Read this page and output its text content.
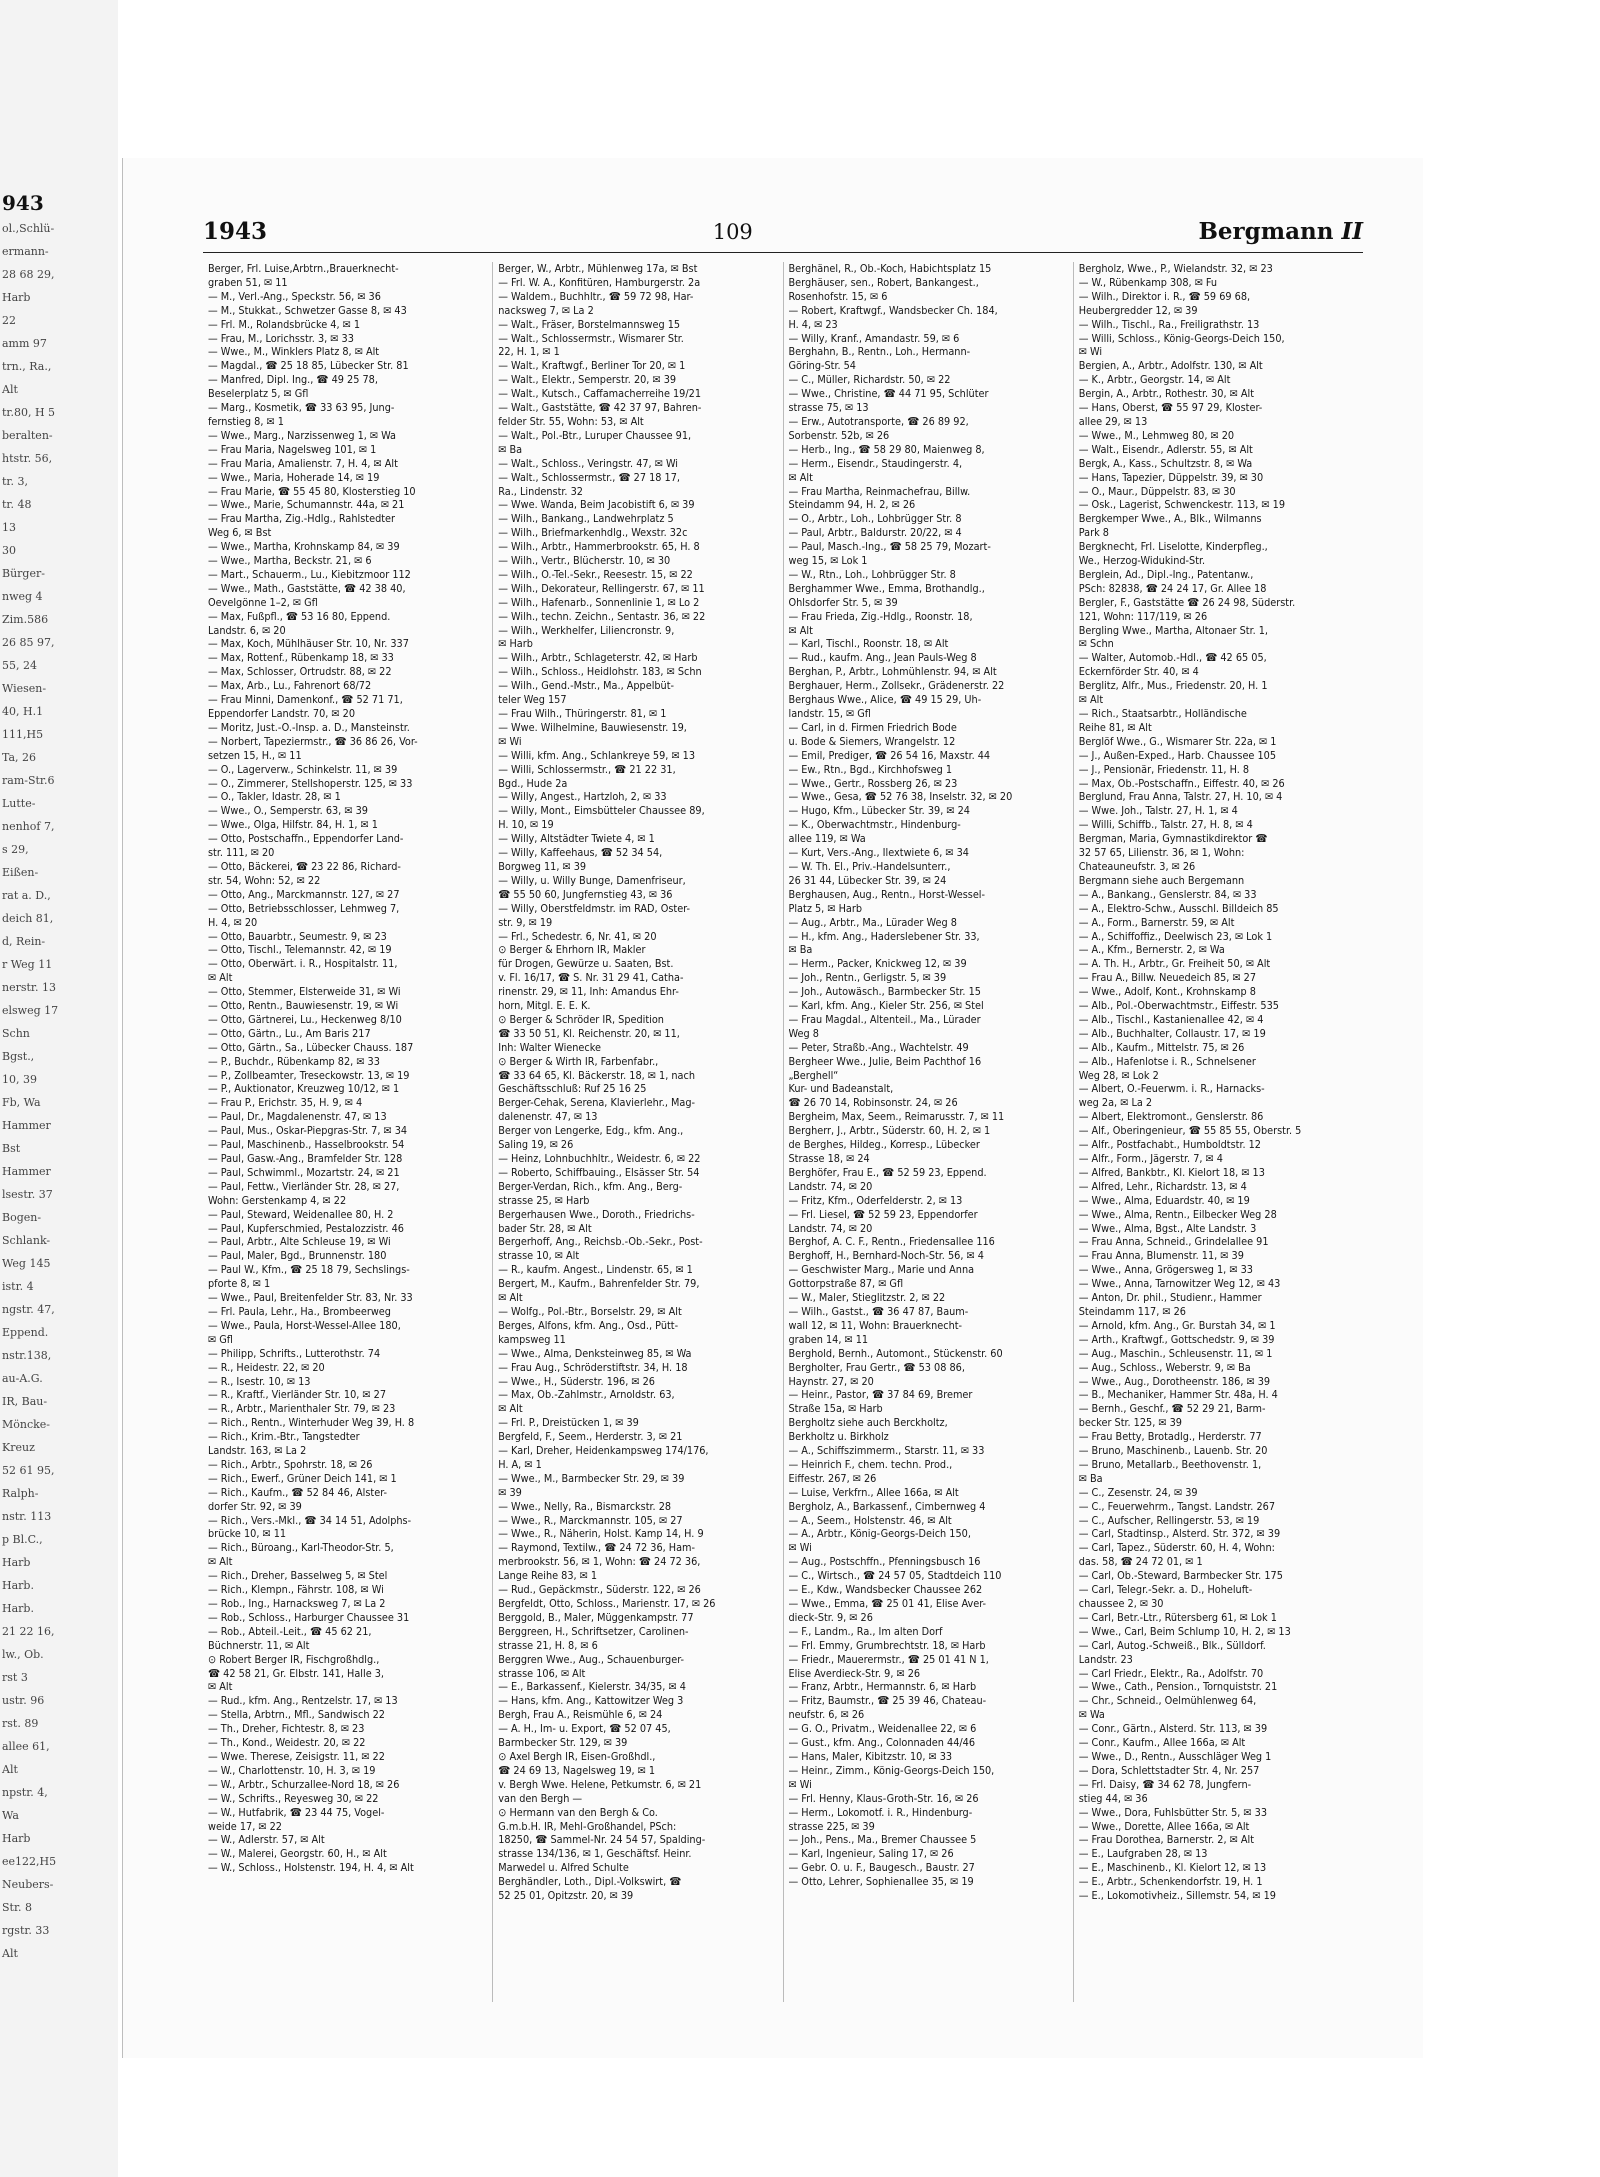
943
ol.,Schlü-
ermann-
28 68 29,
Harb
22
amm 97
trn., Ra.,
Alt
tr.80, H 5
beralten-
htstr. 56,
tr. 3,
tr. 48
13
30
Bürger-
nweg 4
Zim.586
26 85 97,
55, 24
Wiesen-
40, H.1
111,H5
Ta, 26
ram-Str.6
Lutte-
nenhof 7,
s 29,
Eißen-
rat a. D.,
deich 81,
d, Rein-
r Weg 11
nerstr. 13
elsweg 17
Schn
Bgst.,
10, 39
Fb, Wa
Hammer
Bst
Hammer
lsestr. 37
Bogen-
Schlank-
Weg 145
istr. 4
ngstr. 47,
Eppend.
nstr.138,
au-A.G.
IR, Bau-
Möncke-
Kreuz
52 61 95,
Ralph-
nstr. 113
p Bl.C.,
Harb
Harb.
Harb.
21 22 16,
lw., Ob.
rst 3
ustr. 96
rst. 89
allee 61,
Alt
npstr. 4,
Wa
Harb
ee122,H5
Neubers-
Str. 8
rgstr. 33
Alt
1943	109	Bergmann II
Berger, Frl. Luise,Arbtrn.,Brauerknecht-
graben 51, ✉ 11
— M., Verl.-Ang., Speckstr. 56, ✉ 36
— M., Stukkat., Schwetzer Gasse 8, ✉ 43
— Frl. M., Rolandsbrücke 4, ✉ 1
— Frau, M., Lorichsstr. 3, ✉ 33
— Wwe., M., Winklers Platz 8, ✉ Alt
— Magdal., ☎ 25 18 85, Lübecker Str. 81
— Manfred, Dipl. Ing., ☎ 49 25 78,
Beselerplatz 5, ✉ Gfl
— Marg., Kosmetik, ☎ 33 63 95, Jung-
fernstieg 8, ✉ 1
— Wwe., Marg., Narzissenweg 1, ✉ Wa
— Frau Maria, Nagelsweg 101, ✉ 1
— Frau Maria, Amalienstr. 7, H. 4, ✉ Alt
— Wwe., Maria, Hoherade 14, ✉ 19
— Frau Marie, ☎ 55 45 80, Klosterstieg 10
— Wwe., Marie, Schumannstr. 44a, ✉ 21
— Frau Martha, Zig.-Hdlg., Rahlstedter
Weg 6, ✉ Bst
— Wwe., Martha, Krohnskamp 84, ✉ 39
— Wwe., Martha, Beckstr. 21, ✉ 6
— Mart., Schauerm., Lu., Kiebitzmoor 112
— Wwe., Math., Gaststätte, ☎ 42 38 40,
Oevelgönne 1–2, ✉ Gfl
— Max, Fußpfl., ☎ 53 16 80, Eppend.
Landstr. 6, ✉ 20
— Max, Koch, Mühlhäuser Str. 10, Nr. 337
— Max, Rottenf., Rübenkamp 18, ✉ 33
— Max, Schlosser, Ortrudstr. 88, ✉ 22
— Max, Arb., Lu., Fahrenort 68/72
— Frau Minni, Damenkonf., ☎ 52 71 71,
Eppendorfer Landstr. 70, ✉ 20
— Moritz, Just.-O.-Insp. a. D., Mansteinstr.
— Norbert, Tapeziermstr., ☎ 36 86 26, Vor-
setzen 15, H., ✉ 11
— O., Lagerverw., Schinkelstr. 11, ✉ 39
— O., Zimmerer, Stellshoperstr. 125, ✉ 33
— O., Takler, Idastr. 28, ✉ 1
— Wwe., O., Semperstr. 63, ✉ 39
— Wwe., Olga, Hilfstr. 84, H. 1, ✉ 1
— Otto, Postschaffn., Eppendorfer Land-
str. 111, ✉ 20
— Otto, Bäckerei, ☎ 23 22 86, Richard-
str. 54, Wohn: 52, ✉ 22
— Otto, Ang., Marckmannstr. 127, ✉ 27
— Otto, Betriebsschlosser, Lehmweg 7,
H. 4, ✉ 20
— Otto, Bauarbtr., Seumestr. 9, ✉ 23
— Otto, Tischl., Telemannstr. 42, ✉ 19
— Otto, Oberwärt. i. R., Hospitalstr. 11,
✉ Alt
— Otto, Stemmer, Elsterweide 31, ✉ Wi
— Otto, Rentn., Bauwiesenstr. 19, ✉ Wi
— Otto, Gärtnerei, Lu., Heckenweg 8/10
— Otto, Gärtn., Lu., Am Baris 217
— Otto, Gärtn., Sa., Lübecker Chauss. 187
— P., Buchdr., Rübenkamp 82, ✉ 33
— P., Zollbeamter, Treseckowstr. 13, ✉ 19
— P., Auktionator, Kreuzweg 10/12, ✉ 1
— Frau P., Erichstr. 35, H. 9, ✉ 4
— Paul, Dr., Magdalenenstr. 47, ✉ 13
— Paul, Mus., Oskar-Piepgras-Str. 7, ✉ 34
— Paul, Maschinenb., Hasselbrookstr. 54
— Paul, Gasw.-Ang., Bramfelder Str. 128
— Paul, Schwimml., Mozartstr. 24, ✉ 21
— Paul, Fettw., Vierländer Str. 28, ✉ 27,
Wohn: Gerstenkamp 4, ✉ 22
— Paul, Steward, Weidenallee 80, H. 2
— Paul, Kupferschmied, Pestalozzistr. 46
— Paul, Arbtr., Alte Schleuse 19, ✉ Wi
— Paul, Maler, Bgd., Brunnenstr. 180
— Paul W., Kfm., ☎ 25 18 79, Sechslings-
pforte 8, ✉ 1
— Wwe., Paul, Breitenfelder Str. 83, Nr. 33
— Frl. Paula, Lehr., Ha., Brombeerweg
— Wwe., Paula, Horst-Wessel-Allee 180,
✉ Gfl
— Philipp, Schrifts., Lutterothstr. 74
— R., Heidestr. 22, ✉ 20
— R., Isestr. 10, ✉ 13
— R., Kraftf., Vierländer Str. 10, ✉ 27
— R., Arbtr., Marienthaler Str. 79, ✉ 23
— Rich., Rentn., Winterhuder Weg 39, H. 8
— Rich., Krim.-Btr., Tangstedter
Landstr. 163, ✉ La 2
— Rich., Arbtr., Spohrstr. 18, ✉ 26
— Rich., Ewerf., Grüner Deich 141, ✉ 1
— Rich., Kaufm., ☎ 52 84 46, Alster-
dorfer Str. 92, ✉ 39
— Rich., Vers.-Mkl., ☎ 34 14 51, Adolphs-
brücke 10, ✉ 11
— Rich., Büroang., Karl-Theodor-Str. 5,
✉ Alt
— Rich., Dreher, Basselweg 5, ✉ Stel
— Rich., Klempn., Fährstr. 108, ✉ Wi
— Rob., Ing., Harnacksweg 7, ✉ La 2
— Rob., Schloss., Harburger Chaussee 31
— Rob., Abteil.-Leit., ☎ 45 62 21,
Büchnerstr. 11, ✉ Alt
⊙ Robert Berger IR, Fischgroßhdlg.,
☎ 42 58 21, Gr. Elbstr. 141, Halle 3,
✉ Alt
— Rud., kfm. Ang., Rentzelstr. 17, ✉ 13
— Stella, Arbtrn., Mfl., Sandwisch 22
— Th., Dreher, Fichtestr. 8, ✉ 23
— Th., Kond., Weidestr. 20, ✉ 22
— Wwe. Therese, Zeisigstr. 11, ✉ 22
— W., Charlottenstr. 10, H. 3, ✉ 19
— W., Arbtr., Schurzallee-Nord 18, ✉ 26
— W., Schrifts., Reyesweg 30, ✉ 22
— W., Hutfabrik, ☎ 23 44 75, Vogel-
weide 17, ✉ 22
— W., Adlerstr. 57, ✉ Alt
— W., Malerei, Georgstr. 60, H., ✉ Alt
— W., Schloss., Holstenstr. 194, H. 4, ✉ Alt
Berger, W., Arbtr., Mühlenweg 17a, ✉ Bst
— Frl. W. A., Konfitüren, Hamburgerstr. 2a
— Waldem., Buchhltr., ☎ 59 72 98, Har-
nacksweg 7, ✉ La 2
— Walt., Fräser, Borstelmannsweg 15
— Walt., Schlossermstr., Wismarer Str.
22, H. 1, ✉ 1
— Walt., Kraftwgf., Berliner Tor 20, ✉ 1
— Walt., Elektr., Semperstr. 20, ✉ 39
— Walt., Kutsch., Caffamacherreihe 19/21
— Walt., Gaststätte, ☎ 42 37 97, Bahren-
felder Str. 55, Wohn: 53, ✉ Alt
— Walt., Pol.-Btr., Luruper Chaussee 91,
✉ Ba
— Walt., Schloss., Veringstr. 47, ✉ Wi
— Walt., Schlossermstr., ☎ 27 18 17,
Ra., Lindenstr. 32
— Wwe. Wanda, Beim Jacobistift 6, ✉ 39
— Wilh., Bankang., Landwehrplatz 5
— Wilh., Briefmarkenhdlg., Wexstr. 32c
— Wilh., Arbtr., Hammerbrookstr. 65, H. 8
— Wilh., Vertr., Blücherstr. 10, ✉ 30
— Wilh., O.-Tel.-Sekr., Reesestr. 15, ✉ 22
— Wilh., Dekorateur, Rellingerstr. 67, ✉ 11
— Wilh., Hafenarb., Sonnenlinie 1, ✉ Lo 2
— Wilh., techn. Zeichn., Sentastr. 36, ✉ 22
— Wilh., Werkhelfer, Liliencronstr. 9,
✉ Harb
— Wilh., Arbtr., Schlageterstr. 42, ✉ Harb
— Wilh., Schloss., Heidlohstr. 183, ✉ Schn
— Wilh., Gend.-Mstr., Ma., Appelbüt-
teler Weg 157
— Frau Wilh., Thüringerstr. 81, ✉ 1
— Wwe. Wilhelmine, Bauwiesenstr. 19,
✉ Wi
— Willi, kfm. Ang., Schlankreye 59, ✉ 13
— Willi, Schlossermstr., ☎ 21 22 31,
Bgd., Hude 2a
— Willy, Angest., Hartzloh, 2, ✉ 33
— Willy, Mont., Eimsbütteler Chaussee 89,
H. 10, ✉ 19
— Willy, Altstädter Twiete 4, ✉ 1
— Willy, Kaffeehaus, ☎ 52 34 54,
Borgweg 11, ✉ 39
— Willy, u. Willy Bunge, Damenfriseur,
☎ 55 50 60, Jungfernstieg 43, ✉ 36
— Willy, Oberstfeldmstr. im RAD, Oster-
str. 9, ✉ 19
— Frl., Schedestr. 6, Nr. 41, ✉ 20
⊙ Berger & Ehrhorn IR, Makler
für Drogen, Gewürze u. Saaten, Bst.
v. Fl. 16/17, ☎ S. Nr. 31 29 41, Catha-
rinenstr. 29, ✉ 11, Inh: Amandus Ehr-
horn, Mitgl. E. E. K.
⊙ Berger & Schröder IR, Spedition
☎ 33 50 51, Kl. Reichenstr. 20, ✉ 11,
Inh: Walter Wienecke
⊙ Berger & Wirth IR, Farbenfabr.,
☎ 33 64 65, Kl. Bäckerstr. 18, ✉ 1, nach
Geschäftsschluß: Ruf 25 16 25
Berger-Cehak, Serena, Klavierlehr., Mag-
dalenenstr. 47, ✉ 13
Berger von Lengerke, Edg., kfm. Ang.,
Saling 19, ✉ 26
— Heinz, Lohnbuchhltr., Weidestr. 6, ✉ 22
— Roberto, Schiffbauing., Elsässer Str. 54
Berger-Verdan, Rich., kfm. Ang., Berg-
strasse 25, ✉ Harb
Bergerhausen Wwe., Doroth., Friedrichs-
bader Str. 28, ✉ Alt
Bergerhoff, Ang., Reichsb.-Ob.-Sekr., Post-
strasse 10, ✉ Alt
— R., kaufm. Angest., Lindenstr. 65, ✉ 1
Bergert, M., Kaufm., Bahrenfelder Str. 79,
✉ Alt
— Wolfg., Pol.-Btr., Borselstr. 29, ✉ Alt
Berges, Alfons, kfm. Ang., Osd., Pütt-
kampsweg 11
— Wwe., Alma, Denksteinweg 85, ✉ Wa
— Frau Aug., Schröderstiftstr. 34, H. 18
— Wwe., H., Süderstr. 196, ✉ 26
— Max, Ob.-Zahlmstr., Arnoldstr. 63,
✉ Alt
— Frl. P., Dreistücken 1, ✉ 39
Bergfeld, F., Seem., Herderstr. 3, ✉ 21
— Karl, Dreher, Heidenkampsweg 174/176,
H. A, ✉ 1
— Wwe., M., Barmbecker Str. 29, ✉ 39
✉ 39
— Wwe., Nelly, Ra., Bismarckstr. 28
— Wwe., R., Marckmannstr. 105, ✉ 27
— Wwe., R., Näherin, Holst. Kamp 14, H. 9
— Raymond, Textilw., ☎ 24 72 36, Ham-
merbrookstr. 56, ✉ 1, Wohn: ☎ 24 72 36,
Lange Reihe 83, ✉ 1
— Rud., Gepäckmstr., Süderstr. 122, ✉ 26
Bergfeldt, Otto, Schloss., Marienstr. 17, ✉ 26
Berggold, B., Maler, Müggenkampstr. 77
Berggreen, H., Schriftsetzer, Carolinen-
strasse 21, H. 8, ✉ 6
Berggren Wwe., Aug., Schauenburger-
strasse 106, ✉ Alt
— E., Barkassenf., Kielerstr. 34/35, ✉ 4
— Hans, kfm. Ang., Kattowitzer Weg 3
Bergh, Frau A., Reismühle 6, ✉ 24
— A. H., Im- u. Export, ☎ 52 07 45,
Barmbecker Str. 129, ✉ 39
⊙ Axel Bergh IR, Eisen-Großhdl.,
☎ 24 69 13, Nagelsweg 19, ✉ 1
v. Bergh Wwe. Helene, Petkumstr. 6, ✉ 21
van den Bergh —
⊙ Hermann van den Bergh & Co.
G.m.b.H. IR, Mehl-Großhandel, PSch:
18250, ☎ Sammel-Nr. 24 54 57, Spalding-
strasse 134/136, ✉ 1, Geschäftsf. Heinr.
Marwedel u. Alfred Schulte
Berghändler, Loth., Dipl.-Volkswirt, ☎
52 25 01, Opitzstr. 20, ✉ 39
Berghänel, R., Ob.-Koch, Habichtsplatz 15
Berghäuser, sen., Robert, Bankangest.,
Rosenhofstr. 15, ✉ 6
— Robert, Kraftwgf., Wandsbecker Ch. 184,
H. 4, ✉ 23
— Willy, Kranf., Amandastr. 59, ✉ 6
Berghahn, B., Rentn., Loh., Hermann-
Göring-Str. 54
— C., Müller, Richardstr. 50, ✉ 22
— Wwe., Christine, ☎ 44 71 95, Schlüter
strasse 75, ✉ 13
— Erw., Autotransporte, ☎ 26 89 92,
Sorbenstr. 52b, ✉ 26
— Herb., Ing., ☎ 58 29 80, Maienweg 8,
— Herm., Eisendr., Staudingerstr. 4,
✉ Alt
— Frau Martha, Reinmachefrau, Billw.
Steindamm 94, H. 2, ✉ 26
— O., Arbtr., Loh., Lohbrügger Str. 8
— Paul, Arbtr., Baldurstr. 20/22, ✉ 4
— Paul, Masch.-Ing., ☎ 58 25 79, Mozart-
weg 15, ✉ Lok 1
— W., Rtn., Loh., Lohbrügger Str. 8
Berghammer Wwe., Emma, Brothandlg.,
Ohlsdorfer Str. 5, ✉ 39
— Frau Frieda, Zig.-Hdlg., Roonstr. 18,
✉ Alt
— Karl, Tischl., Roonstr. 18, ✉ Alt
— Rud., kaufm. Ang., Jean Pauls-Weg 8
Berghan, P., Arbtr., Lohmühlenstr. 94, ✉ Alt
Berghauer, Herm., Zollsekr., Grädenerstr. 22
Berghaus Wwe., Alice, ☎ 49 15 29, Uh-
landstr. 15, ✉ Gfl
— Carl, in d. Firmen Friedrich Bode
u. Bode & Siemers, Wrangelstr. 12
— Emil, Prediger, ☎ 26 54 16, Maxstr. 44
— Ew., Rtn., Bgd., Kirchhofsweg 1
— Wwe., Gertr., Rossberg 26, ✉ 23
— Wwe., Gesa, ☎ 52 76 38, Inselstr. 32, ✉ 20
— Hugo, Kfm., Lübecker Str. 39, ✉ 24
— K., Oberwachtmstr., Hindenburg-
allee 119, ✉ Wa
— Kurt, Vers.-Ang., Ilextwiete 6, ✉ 34
— W. Th. El., Priv.-Handelsunterr.,
26 31 44, Lübecker Str. 39, ✉ 24
Berghausen, Aug., Rentn., Horst-Wessel-
Platz 5, ✉ Harb
— Aug., Arbtr., Ma., Lürader Weg 8
— H., kfm. Ang., Haderslebener Str. 33,
✉ Ba
— Herm., Packer, Knickweg 12, ✉ 39
— Joh., Rentn., Gerligstr. 5, ✉ 39
— Joh., Autowäsch., Barmbecker Str. 15
— Karl, kfm. Ang., Kieler Str. 256, ✉ Stel
— Frau Magdal., Altenteil., Ma., Lürader
Weg 8
— Peter, Straßb.-Ang., Wachtelstr. 49
Bergheer Wwe., Julie, Beim Pachthof 16
„Berghell“
Kur- und Badeanstalt,
☎ 26 70 14, Robinsonstr. 24, ✉ 26
Bergheim, Max, Seem., Reimarusstr. 7, ✉ 11
Bergherr, J., Arbtr., Süderstr. 60, H. 2, ✉ 1
de Berghes, Hildeg., Korresp., Lübecker
Strasse 18, ✉ 24
Berghöfer, Frau E., ☎ 52 59 23, Eppend.
Landstr. 74, ✉ 20
— Fritz, Kfm., Oderfelderstr. 2, ✉ 13
— Frl. Liesel, ☎ 52 59 23, Eppendorfer
Landstr. 74, ✉ 20
Berghof, A. C. F., Rentn., Friedensallee 116
Berghoff, H., Bernhard-Noch-Str. 56, ✉ 4
— Geschwister Marg., Marie und Anna
Gottorpstraße 87, ✉ Gfl
— W., Maler, Stieglitzstr. 2, ✉ 22
— Wilh., Gastst., ☎ 36 47 87, Baum-
wall 12, ✉ 11, Wohn: Brauerknecht-
graben 14, ✉ 11
Berghold, Bernh., Automont., Stückenstr. 60
Bergholter, Frau Gertr., ☎ 53 08 86,
Haynstr. 27, ✉ 20
— Heinr., Pastor, ☎ 37 84 69, Bremer
Straße 15a, ✉ Harb
Bergholtz siehe auch Berckholtz,
Berkholtz u. Birkholz
— A., Schiffszimmerm., Starstr. 11, ✉ 33
— Heinrich F., chem. techn. Prod.,
Eiffestr. 267, ✉ 26
— Luise, Verkfrn., Allee 166a, ✉ Alt
Bergholz, A., Barkassenf., Cimbernweg 4
— A., Seem., Holstenstr. 46, ✉ Alt
— A., Arbtr., König-Georgs-Deich 150,
✉ Wi
— Aug., Postschffn., Pfenningsbusch 16
— C., Wirtsch., ☎ 24 57 05, Stadtdeich 110
— E., Kdw., Wandsbecker Chaussee 262
— Wwe., Emma, ☎ 25 01 41, Elise Aver-
dieck-Str. 9, ✉ 26
— F., Landm., Ra., Im alten Dorf
— Frl. Emmy, Grumbrechtstr. 18, ✉ Harb
— Friedr., Mauerermstr., ☎ 25 01 41 N 1,
Elise Averdieck-Str. 9, ✉ 26
— Franz, Arbtr., Hermannstr. 6, ✉ Harb
— Fritz, Baumstr., ☎ 25 39 46, Chateau-
neufstr. 6, ✉ 26
— G. O., Privatm., Weidenallee 22, ✉ 6
— Gust., kfm. Ang., Colonnaden 44/46
— Hans, Maler, Kibitzstr. 10, ✉ 33
— Heinr., Zimm., König-Georgs-Deich 150,
✉ Wi
— Frl. Henny, Klaus-Groth-Str. 16, ✉ 26
— Herm., Lokomotf. i. R., Hindenburg-
strasse 225, ✉ 39
— Joh., Pens., Ma., Bremer Chaussee 5
— Karl, Ingenieur, Saling 17, ✉ 26
— Gebr. O. u. F., Baugesch., Baustr. 27
— Otto, Lehrer, Sophienallee 35, ✉ 19
Bergholz, Wwe., P., Wielandstr. 32, ✉ 23
— W., Rübenkamp 308, ✉ Fu
— Wilh., Direktor i. R., ☎ 59 69 68,
Heubergredder 12, ✉ 39
— Wilh., Tischl., Ra., Freiligrathstr. 13
— Willi, Schloss., König-Georgs-Deich 150,
✉ Wi
Bergien, A., Arbtr., Adolfstr. 130, ✉ Alt
— K., Arbtr., Georgstr. 14, ✉ Alt
Bergin, A., Arbtr., Rothestr. 30, ✉ Alt
— Hans, Oberst, ☎ 55 97 29, Kloster-
allee 29, ✉ 13
— Wwe., M., Lehmweg 80, ✉ 20
— Walt., Eisendr., Adlerstr. 55, ✉ Alt
Bergk, A., Kass., Schultzstr. 8, ✉ Wa
— Hans, Tapezier, Düppelstr. 39, ✉ 30
— O., Maur., Düppelstr. 83, ✉ 30
— Osk., Lagerist, Schwenckestr. 113, ✉ 19
Bergkemper Wwe., A., Blk., Wilmanns
Park 8
Bergknecht, Frl. Liselotte, Kinderpfleg.,
We., Herzog-Widukind-Str.
Berglein, Ad., Dipl.-Ing., Patentanw.,
PSch: 82838, ☎ 24 24 17, Gr. Allee 18
Bergler, F., Gaststätte ☎ 26 24 98, Süderstr.
121, Wohn: 117/119, ✉ 26
Bergling Wwe., Martha, Altonaer Str. 1,
✉ Schn
— Walter, Automob.-Hdl., ☎ 42 65 05,
Eckernförder Str. 40, ✉ 4
Berglitz, Alfr., Mus., Friedenstr. 20, H. 1
✉ Alt
— Rich., Staatsarbtr., Holländische
Reihe 81, ✉ Alt
Berglöf Wwe., G., Wismarer Str. 22a, ✉ 1
— J., Außen-Exped., Harb. Chaussee 105
— J., Pensionär, Friedenstr. 11, H. 8
— Max, Ob.-Postschaffn., Eiffestr. 40, ✉ 26
Berglund, Frau Anna, Talstr. 27, H. 10, ✉ 4
— Wwe. Joh., Talstr. 27, H. 1, ✉ 4
— Willi, Schiffb., Talstr. 27, H. 8, ✉ 4
Bergman, Maria, Gymnastikdirektor ☎
32 57 65, Lilienstr. 36, ✉ 1, Wohn:
Chateauneufstr. 3, ✉ 26
Bergmann siehe auch Bergemann
— A., Bankang., Genslerstr. 84, ✉ 33
— A., Elektro-Schw., Ausschl. Billdeich 85
— A., Form., Barnerstr. 59, ✉ Alt
— A., Schiffoffiz., Deelwisch 23, ✉ Lok 1
— A., Kfm., Bernerstr. 2, ✉ Wa
— A. Th. H., Arbtr., Gr. Freiheit 50, ✉ Alt
— Frau A., Billw. Neuedeich 85, ✉ 27
— Wwe., Adolf, Kont., Krohnskamp 8
— Alb., Pol.-Oberwachtmstr., Eiffestr. 535
— Alb., Tischl., Kastanienallee 42, ✉ 4
— Alb., Buchhalter, Collaustr. 17, ✉ 19
— Alb., Kaufm., Mittelstr. 75, ✉ 26
— Alb., Hafenlotse i. R., Schnelsener
Weg 28, ✉ Lok 2
— Albert, O.-Feuerwm. i. R., Harnacks-
weg 2a, ✉ La 2
— Albert, Elektromont., Genslerstr. 86
— Alf., Oberingenieur, ☎ 55 85 55, Oberstr. 5
— Alfr., Postfachabt., Humboldtstr. 12
— Alfr., Form., Jägerstr. 7, ✉ 4
— Alfred, Bankbtr., Kl. Kielort 18, ✉ 13
— Alfred, Lehr., Richardstr. 13, ✉ 4
— Wwe., Alma, Eduardstr. 40, ✉ 19
— Wwe., Alma, Rentn., Eilbecker Weg 28
— Wwe., Alma, Bgst., Alte Landstr. 3
— Frau Anna, Schneid., Grindelallee 91
— Frau Anna, Blumenstr. 11, ✉ 39
— Wwe., Anna, Grögersweg 1, ✉ 33
— Wwe., Anna, Tarnowitzer Weg 12, ✉ 43
— Anton, Dr. phil., Studienr., Hammer
Steindamm 117, ✉ 26
— Arnold, kfm. Ang., Gr. Burstah 34, ✉ 1
— Arth., Kraftwgf., Gottschedstr. 9, ✉ 39
— Aug., Maschin., Schleusenstr. 11, ✉ 1
— Aug., Schloss., Weberstr. 9, ✉ Ba
— Wwe., Aug., Dorotheenstr. 186, ✉ 39
— B., Mechaniker, Hammer Str. 48a, H. 4
— Bernh., Geschf., ☎ 52 29 21, Barm-
becker Str. 125, ✉ 39
— Frau Betty, Brotadlg., Herderstr. 77
— Bruno, Maschinenb., Lauenb. Str. 20
— Bruno, Metallarb., Beethovenstr. 1,
✉ Ba
— C., Zesenstr. 24, ✉ 39
— C., Feuerwehrm., Tangst. Landstr. 267
— C., Aufscher, Rellingerstr. 53, ✉ 19
— Carl, Stadtinsp., Alsterd. Str. 372, ✉ 39
— Carl, Tapez., Süderstr. 60, H. 4, Wohn:
das. 58, ☎ 24 72 01, ✉ 1
— Carl, Ob.-Steward, Barmbecker Str. 175
— Carl, Telegr.-Sekr. a. D., Hoheluft-
chaussee 2, ✉ 30
— Carl, Betr.-Ltr., Rütersberg 61, ✉ Lok 1
— Wwe., Carl, Beim Schlump 10, H. 2, ✉ 13
— Carl, Autog.-Schweiß., Blk., Sülldorf.
Landstr. 23
— Carl Friedr., Elektr., Ra., Adolfstr. 70
— Wwe., Cath., Pension., Tornquiststr. 21
— Chr., Schneid., Oelmühlenweg 64,
✉ Wa
— Conr., Gärtn., Alsterd. Str. 113, ✉ 39
— Conr., Kaufm., Allee 166a, ✉ Alt
— Wwe., D., Rentn., Ausschläger Weg 1
— Dora, Schlettstadter Str. 4, Nr. 257
— Frl. Daisy, ☎ 34 62 78, Jungfern-
stieg 44, ✉ 36
— Wwe., Dora, Fuhlsbütter Str. 5, ✉ 33
— Wwe., Dorette, Allee 166a, ✉ Alt
— Frau Dorothea, Barnerstr. 2, ✉ Alt
— E., Laufgraben 28, ✉ 13
— E., Maschinenb., Kl. Kielort 12, ✉ 13
— E., Arbtr., Schenkendorfstr. 19, H. 1
— E., Lokomotivheiz., Sillemstr. 54, ✉ 19
